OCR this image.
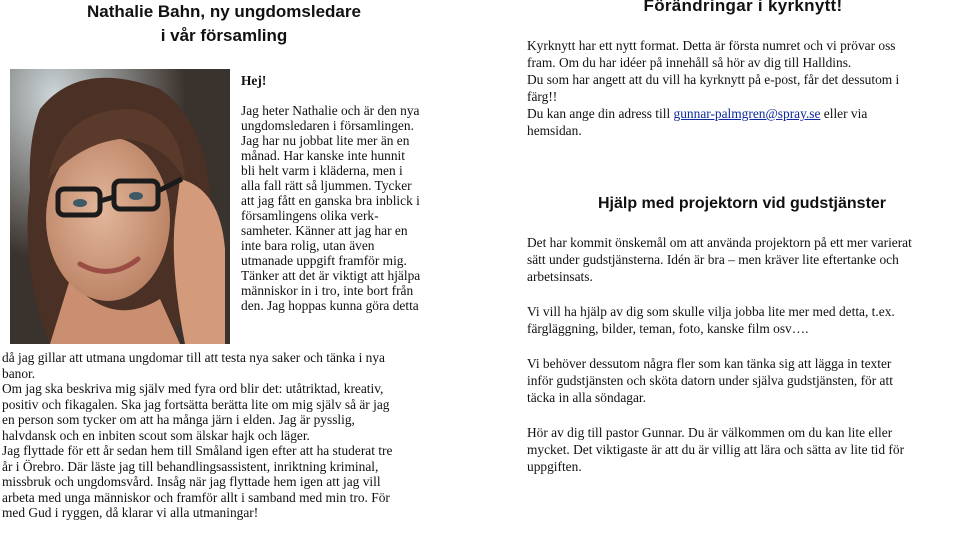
Nathalie Bahn, ny ungdomsledare
i vår församling
Hej!
Jag heter Nathalie och är den nya
ungdomsledaren i församlingen.
Jag har nu jobbat lite mer än en
månad. Har kanske inte hunnit
bli helt varm i kläderna, men i
alla fall rätt så ljummen. Tycker
att jag fått en ganska bra inblick i
församlingens olika verk-
samheter. Känner att jag har en
inte bara rolig, utan även
utmanade uppgift framför mig.
Tänker att det är viktigt att hjälpa
människor in i tro, inte bort från
den. Jag hoppas kunna göra detta
då jag gillar att utmana ungdomar till att testa nya saker och tänka i nya
banor.
Om jag ska beskriva mig själv med fyra ord blir det: utåtriktad, kreativ,
positiv och fikagalen. Ska jag fortsätta berätta lite om mig själv så är jag
en person som tycker om att ha många järn i elden. Jag är pysslig,
halvdansk och en inbiten scout som älskar hajk och läger.
Jag flyttade för ett år sedan hem till Småland igen efter att ha studerat tre
år i Örebro. Där läste jag till behandlingsassistent, inriktning kriminal,
missbruk och ungdomsvård. Insåg när jag flyttade hem igen att jag vill
arbeta med unga människor och framför allt i samband med min tro. För
med Gud i ryggen, då klarar vi alla utmaningar!
Förändringar i kyrknytt!
Kyrknytt har ett nytt format. Detta är första numret och vi prövar oss
fram. Om du har idéer på innehåll så hör av dig till Halldins.
Du som har angett att du vill ha kyrknytt på e-post, får det dessutom i
färg!!
Du kan ange din adress till gunnar-palmgren@spray.se eller via
hemsidan.
Hjälp med projektorn vid gudstjänster
Det har kommit önskemål om att använda projektorn på ett mer varierat
sätt under gudstjänsterna. Idén är bra – men kräver lite eftertanke och
arbetsinsats.
Vi vill ha hjälp av dig som skulle vilja jobba lite mer med detta, t.ex.
färgläggning, bilder, teman, foto, kanske film osv….
Vi behöver dessutom några fler som kan tänka sig att lägga in texter
inför gudstjänsten och sköta datorn under själva gudstjänsten, för att
täcka in alla söndagar.
Hör av dig till pastor Gunnar. Du är välkommen om du kan lite eller
mycket. Det viktigaste är att du är villig att lära och sätta av lite tid för
uppgiften.
